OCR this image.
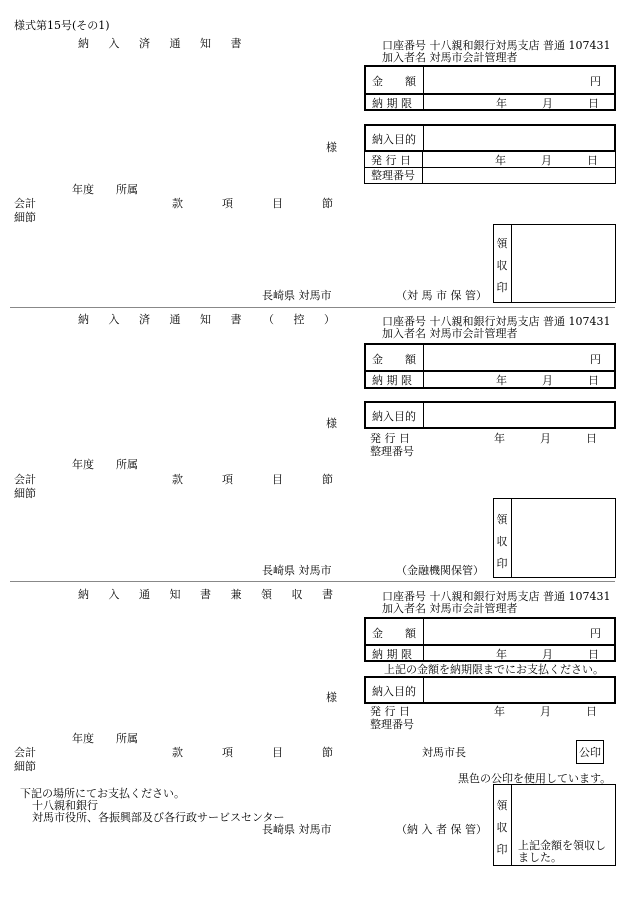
様式第15号(その1)
納 入 済 通 知 書	口座番号 十八親和銀行対馬支店 普通 107431
加入者名 対馬市会計管理者
金　　額	円
納 期 限	年	月	日
納入目的
発 行 日	年	月	日
整理番号
様
年度 所属
会計	款	項	目	節
細節
領
収
印
長崎県 対馬市	（対 馬 市 保 管）
納 入 済 通 知 書　（ 控 ）	口座番号 十八親和銀行対馬支店 普通 107431
加入者名 対馬市会計管理者
金　　額	円
納 期 限	年	月	日
納入目的
発 行 日	年	月	日
整理番号
様
年度 所属
会計	款	項	目	節
細節
領
収
印
長崎県 対馬市	（金融機関保管）
納 入 通 知 書 兼 領 収 書	口座番号 十八親和銀行対馬支店 普通 107431
加入者名 対馬市会計管理者
金　　額	円
納 期 限	年	月	日
上記の金額を納期限までにお支払ください。
納入目的
発 行 日	年	月	日
整理番号
様
年度 所属
会計	款	項	目	節
細節
対馬市長	公印
黒色の公印を使用しています。
下記の場所にてお支払ください。
十八親和銀行
対馬市役所、各振興部及び各行政サービスセンター
領
収
印 上記金額を領収し
ました。
長崎県 対馬市	（納 入 者 保 管）
